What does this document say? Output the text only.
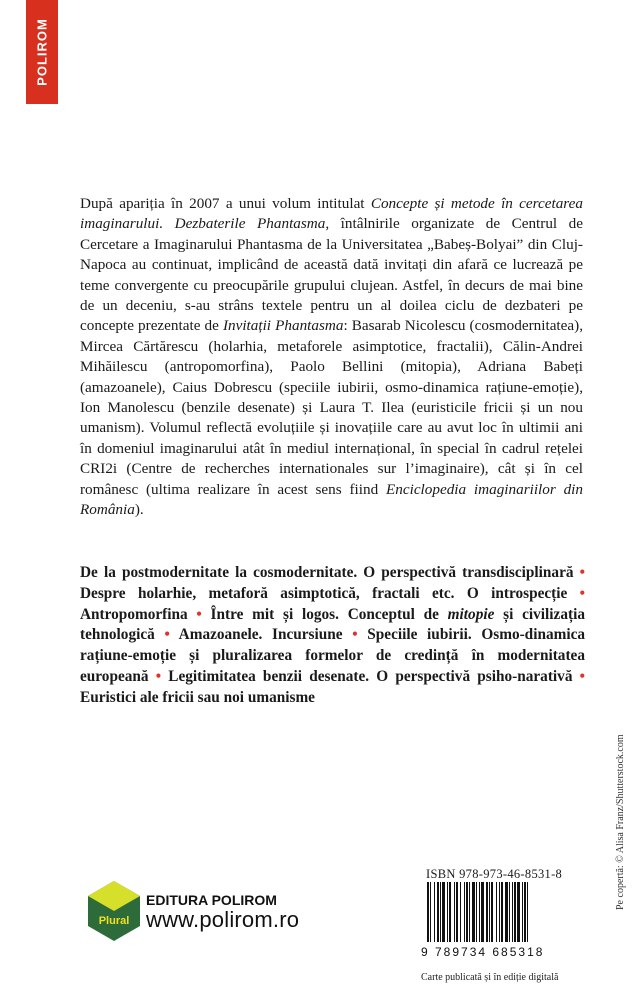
POLIROM

După apariția în 2007 a unui volum intitulat Concepte și metode în cercetarea imaginarului. Dezbaterile Phantasma, întâlnirile organizate de Centrul de Cercetare a Imaginarului Phantasma de la Universitatea „Babeș-Bolyai” din Cluj-Napoca au continuat, implicând de această dată invitați din afară ce lucrează pe teme convergente cu preocupările grupului clujean. Astfel, în decurs de mai bine de un deceniu, s-au strâns textele pentru un al doilea ciclu de dezbateri pe concepte prezentate de Invitații Phantasma: Basarab Nicolescu (cosmodernitatea), Mircea Cărtărescu (holarhia, metaforele asimptotice, fractalii), Călin-Andrei Mihăilescu (antropomorfina), Paolo Bellini (mitopia), Adriana Babeți (amazoanele), Caius Dobrescu (speciile iubirii, osmo-dinamica rațiune-emoție), Ion Manolescu (benzile desenate) și Laura T. Ilea (euristicile fricii și un nou umanism). Volumul reflectă evoluțiile și inovațiile care au avut loc în ultimii ani în domeniul imaginarului atât în mediul internațional, în special în cadrul rețelei CRI2i (Centre de recherches internationales sur l’imaginaire), cât și în cel românesc (ultima realizare în acest sens fiind Enciclopedia imaginariilor din România).

De la postmodernitate la cosmodernitate. O perspectivă transdisciplinară • Despre holarhie, metaforă asimptotică, fractali etc. O introspecție • Antropomorfina • Între mit și logos. Conceptul de mitopie și civilizația tehnologică • Amazoanele. Incursiune • Speciile iubirii. Osmo-dinamica rațiune-emoție și pluralizarea formelor de credință în modernitatea europeană • Legitimitatea benzii desenate. O perspectivă psiho-narativă • Euristici ale fricii sau noi umanisme

Pe copertă: © Alisa Franz/Shutterstock.com
Plural
EDITURA POLIROM
www.polirom.ro
ISBN 978-973-46-8531-8
9 789734 685318
Carte publicată și în ediție digitală
